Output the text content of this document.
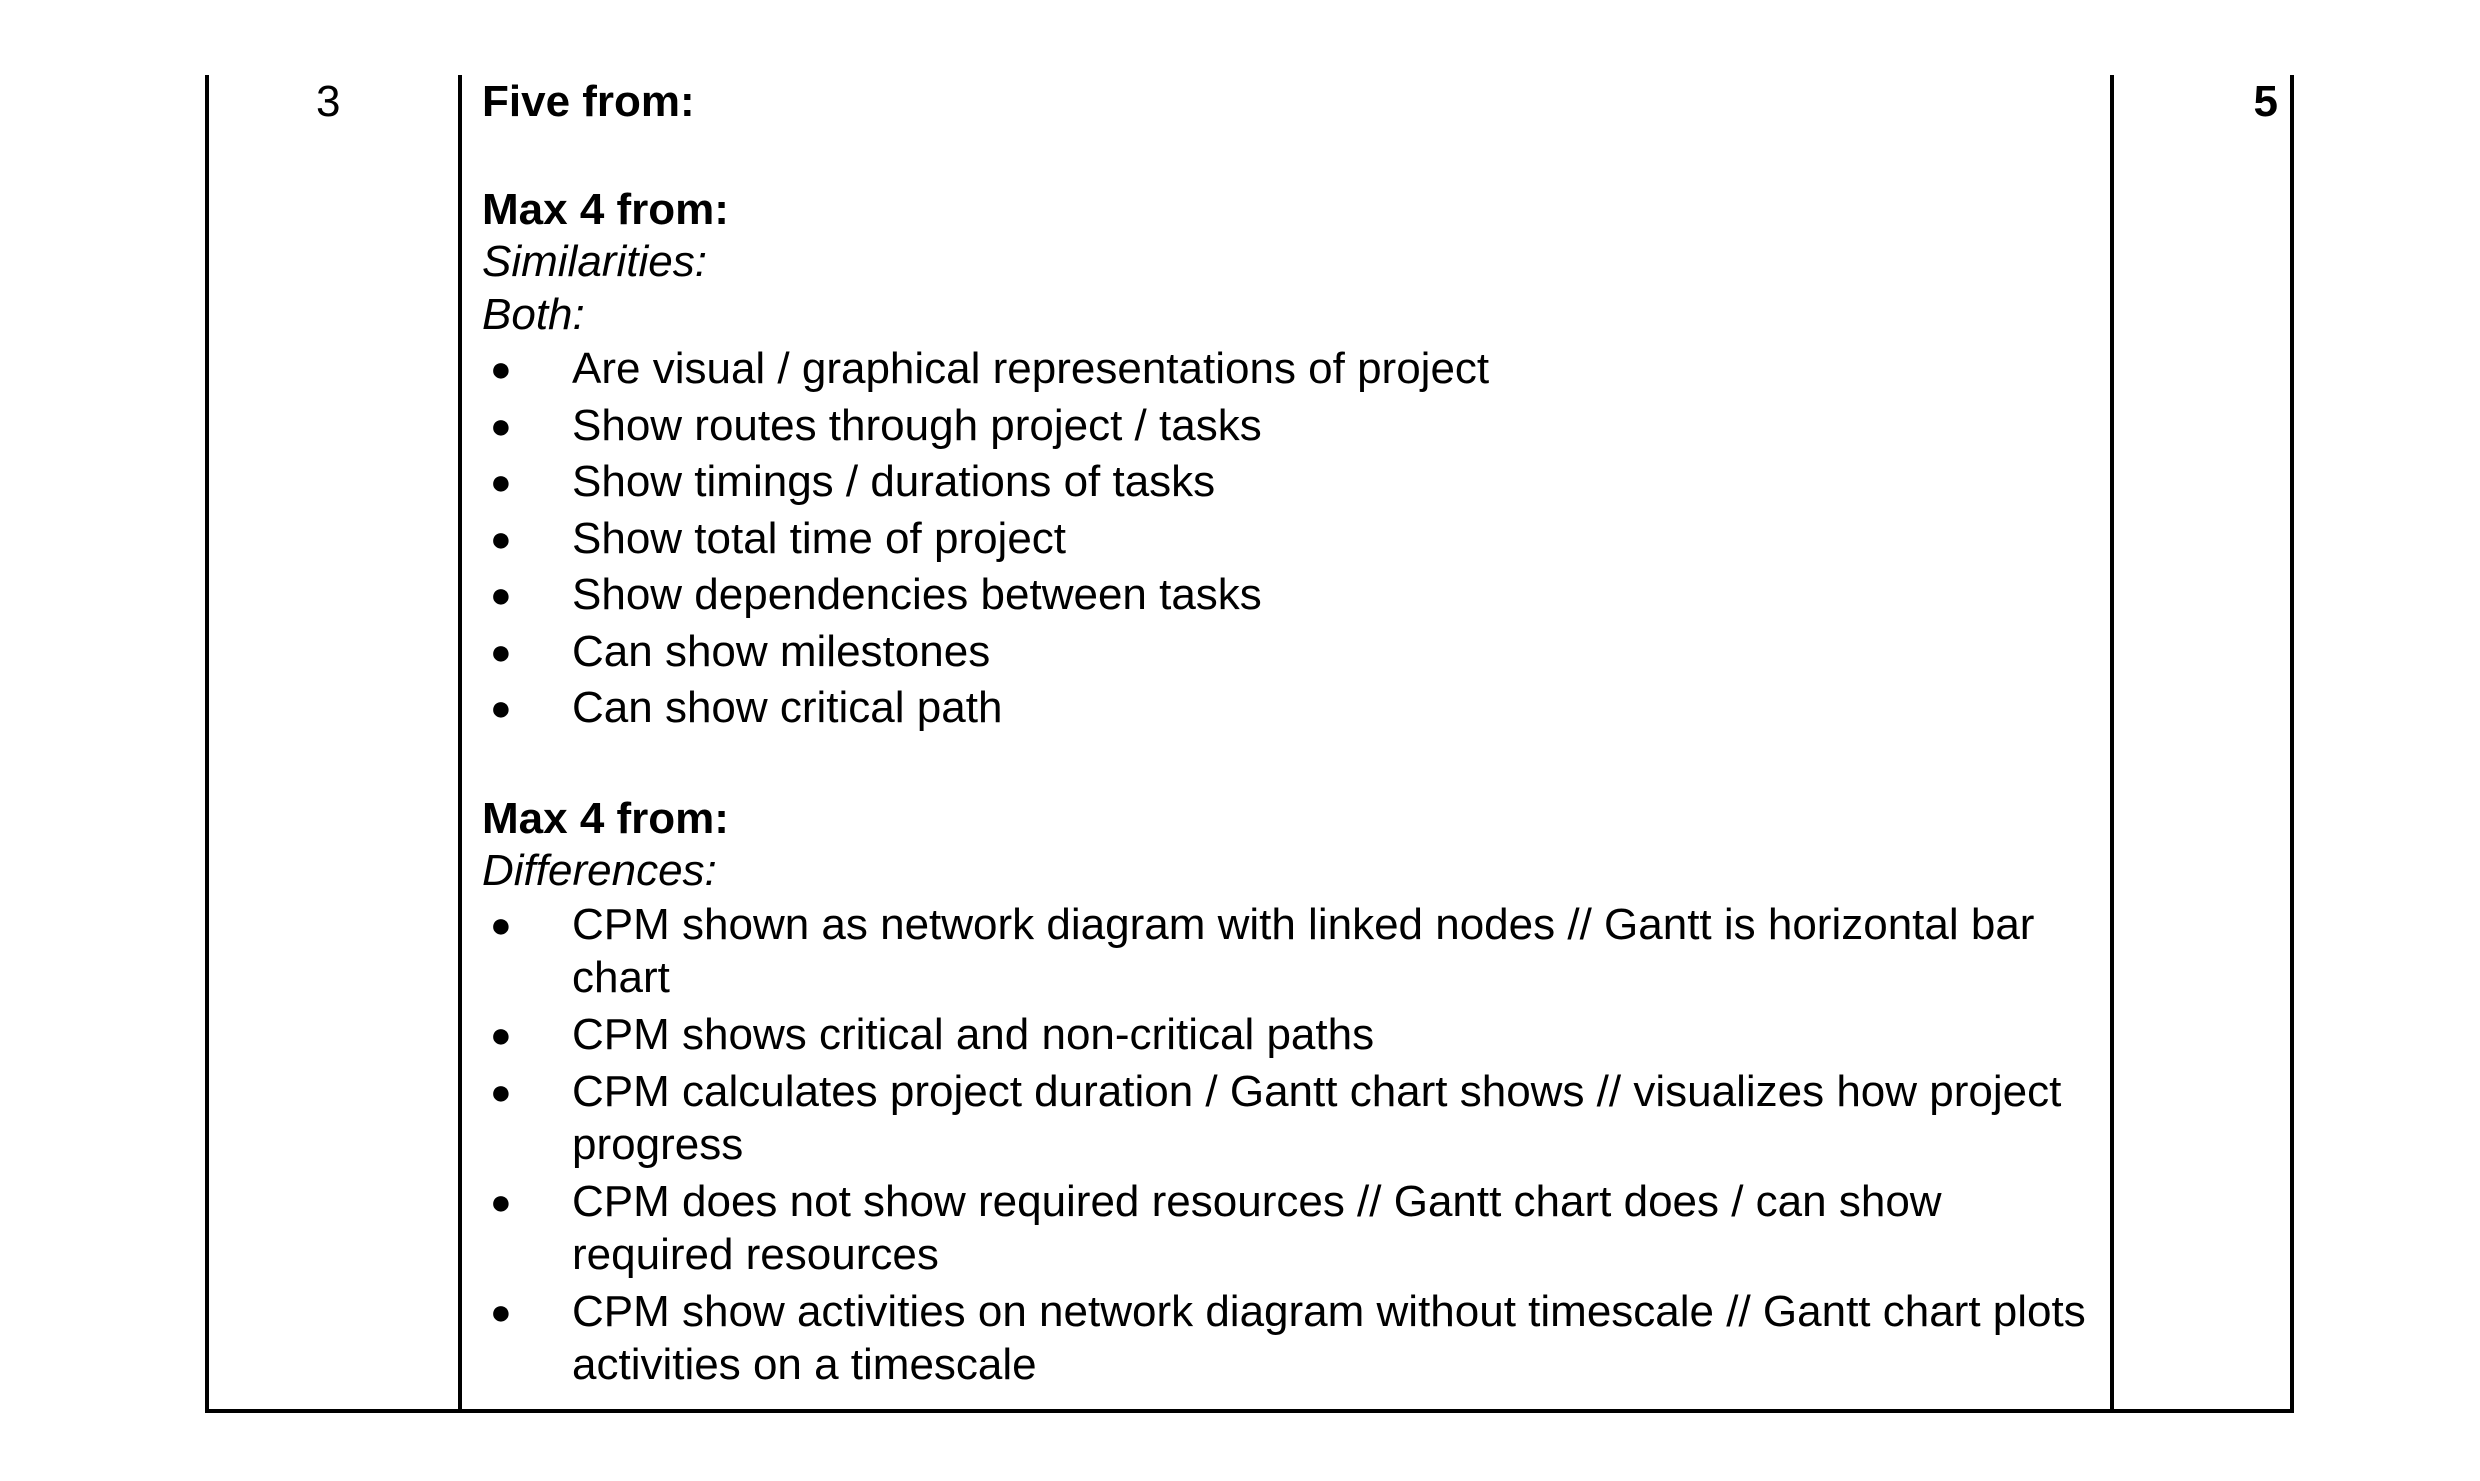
3	Five from:
Max 4 from:
Similarities:
Both:
● Are visual / graphical representations of project
● Show routes through project / tasks
● Show timings / durations of tasks
● Show total time of project
● Show dependencies between tasks
● Can show milestones
● Can show critical path
Max 4 from:
Differences:
● CPM shown as network diagram with linked nodes // Gantt is horizontal bar chart
● CPM shows critical and non-critical paths
● CPM calculates project duration / Gantt chart shows // visualizes how project progress
● CPM does not show required resources // Gantt chart does / can show required resources
● CPM show activities on network diagram without timescale // Gantt chart plots activities on a timescale
5
